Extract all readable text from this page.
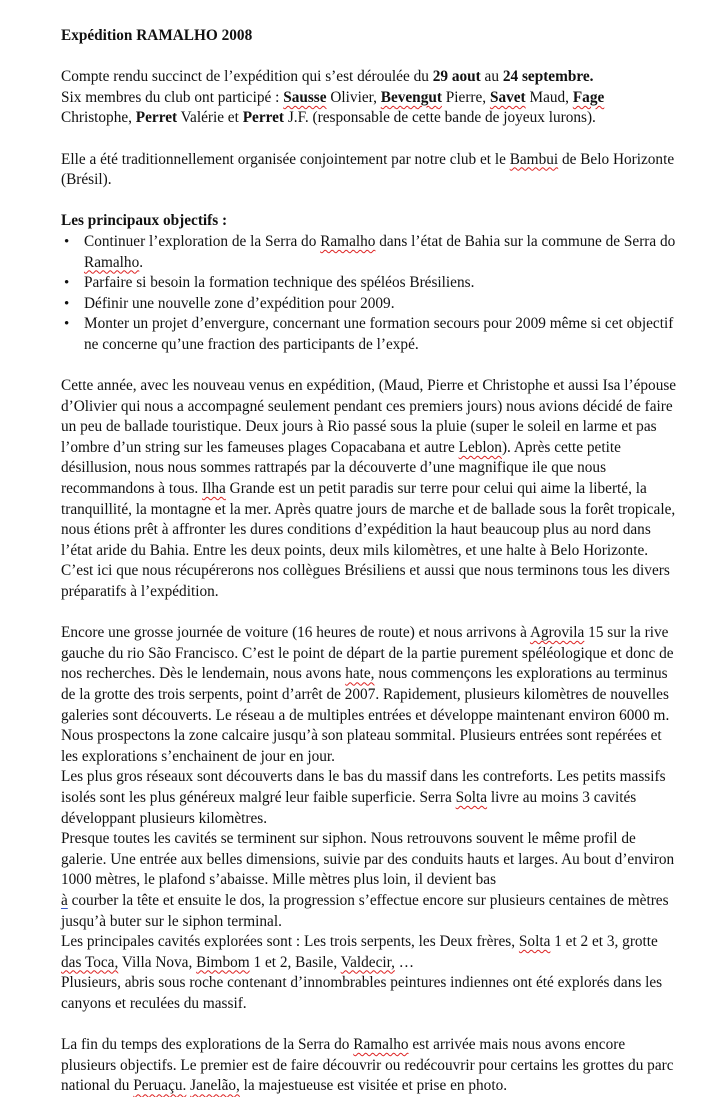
Expédition RAMALHO 2008

Compte rendu succinct de l’expédition qui s’est déroulée du 29 aout au 24 septembre.
Six membres du club ont participé : Sausse Olivier, Bevengut Pierre, Savet Maud, Fage
Christophe, Perret Valérie et Perret J.F. (responsable de cette bande de joyeux lurons).

Elle a été traditionnellement organisée conjointement par notre club et le Bambui de Belo Horizonte (Brésil).

Les principaux objectifs :

• Continuer l’exploration de la Serra do Ramalho dans l’état de Bahia sur la commune de Serra do Ramalho.
• Parfaire si besoin la formation technique des spéléos Brésiliens.
• Définir une nouvelle zone d’expédition pour 2009.
• Monter un projet d’envergure, concernant une formation secours pour 2009 même si cet objectif ne concerne qu’une fraction des participants de l’expé.

Cette année, avec les nouveau venus en expédition, (Maud, Pierre et Christophe et aussi Isa l’épouse d’Olivier qui nous a accompagné seulement pendant ces premiers jours) nous avions décidé de faire un peu de ballade touristique. Deux jours à Rio passé sous la pluie (super le soleil en larme et pas l’ombre d’un string sur les fameuses plages Copacabana et autre Leblon). Après cette petite désillusion, nous nous sommes rattrapés par la découverte d’une magnifique ile que nous recommandons à tous. Ilha Grande est un petit paradis sur terre pour celui qui aime la liberté, la tranquillité, la montagne et la mer. Après quatre jours de marche et de ballade sous la forêt tropicale, nous étions prêt à affronter les dures conditions d’expédition la haut beaucoup plus au nord dans l’état aride du Bahia. Entre les deux points, deux mils kilomètres, et une halte à Belo Horizonte. C’est ici que nous récupérerons nos collègues Brésiliens et aussi que nous terminons tous les divers préparatifs à l’expédition.

Encore une grosse journée de voiture (16 heures de route) et nous arrivons à Agrovila 15 sur la rive gauche du rio São Francisco. C’est le point de départ de la partie purement spéléologique et donc de nos recherches. Dès le lendemain, nous avons hate, nous commençons les explorations au terminus de la grotte des trois serpents, point d’arrêt de 2007. Rapidement, plusieurs kilomètres de nouvelles galeries sont découverts. Le réseau a de multiples entrées et développe maintenant environ 6000 m.

Nous prospectons la zone calcaire jusqu’à son plateau sommital. Plusieurs entrées sont repérées et les explorations s’enchainent de jour en jour.

Les plus gros réseaux sont découverts dans le bas du massif dans les contreforts. Les petits massifs isolés sont les plus généreux malgré leur faible superficie. Serra Solta livre au moins 3 cavités développant plusieurs kilomètres.

Presque toutes les cavités se terminent sur siphon. Nous retrouvons souvent le même profil de galerie. Une entrée aux belles dimensions, suivie par des conduits hauts et larges. Au bout d’environ 1000 mètres, le plafond s’abaisse. Mille mètres plus loin, il devient bas
à courber la tête et ensuite le dos, la progression s’effectue encore sur plusieurs centaines de mètres jusqu’à buter sur le siphon terminal.

Les principales cavités explorées sont : Les trois serpents, les Deux frères, Solta 1 et 2 et 3, grotte das Toca, Villa Nova, Bimbom 1 et 2, Basile, Valdecir, …

Plusieurs, abris sous roche contenant d’innombrables peintures indiennes ont été explorés dans les canyons et reculées du massif.

La fin du temps des explorations de la Serra do Ramalho est arrivée mais nous avons encore plusieurs objectifs. Le premier est de faire découvrir ou redécouvrir pour certains les grottes du parc national du Peruaçu. Janelão, la majestueuse est visitée et prise en photo.
